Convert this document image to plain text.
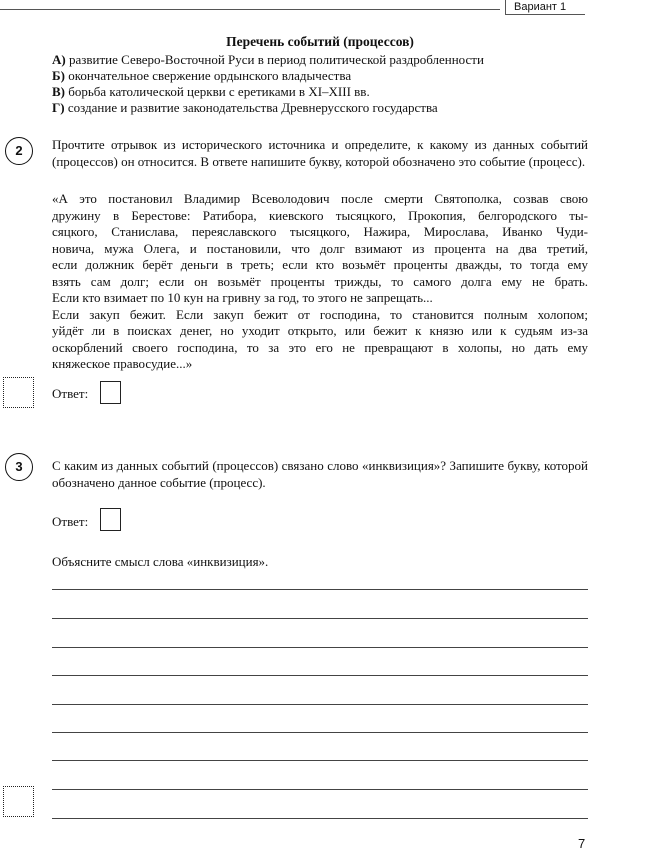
Вариант 1
Перечень событий (процессов)
А) развитие Северо-Восточной Руси в период политической раздробленности
Б) окончательное свержение ордынского владычества
В) борьба католической церкви с еретиками в XI–XIII вв.
Г) создание и развитие законодательства Древнерусского государства
2	Прочтите отрывок из исторического источника и определите, к какому из данных событий (процессов) он относится. В ответе напишите букву, которой обозначено это событие (процесс).
«А это постановил Владимир Всеволодович после смерти Святополка, созвав свою
дружину в Берестове: Ратибора, киевского тысяцкого, Прокопия, белгородского ты-
сяцкого, Станислава, переяславского тысяцкого, Нажира, Мирослава, Иванко Чуди-
новича, мужа Олега, и постановили, что долг взимают из процента на два третий,
если должник берёт деньги в треть; если кто возьмёт проценты дважды, то тогда ему
взять сам долг; если он возьмёт проценты трижды, то самого долга ему не брать.
Если кто взимает по 10 кун на гривну за год, то этого не запрещать...
Если закуп бежит. Если закуп бежит от господина, то становится полным холопом;
уйдёт ли в поисках денег, но уходит открыто, или бежит к князю или к судьям из-за
оскорблений своего господина, то за это его не превращают в холопы, но дать ему
княжеское правосудие...»
Ответ:
3	С каким из данных событий (процессов) связано слово «инквизиция»? Запишите букву, которой обозначено данное событие (процесс).
Ответ:
Объясните смысл слова «инквизиция».
7
